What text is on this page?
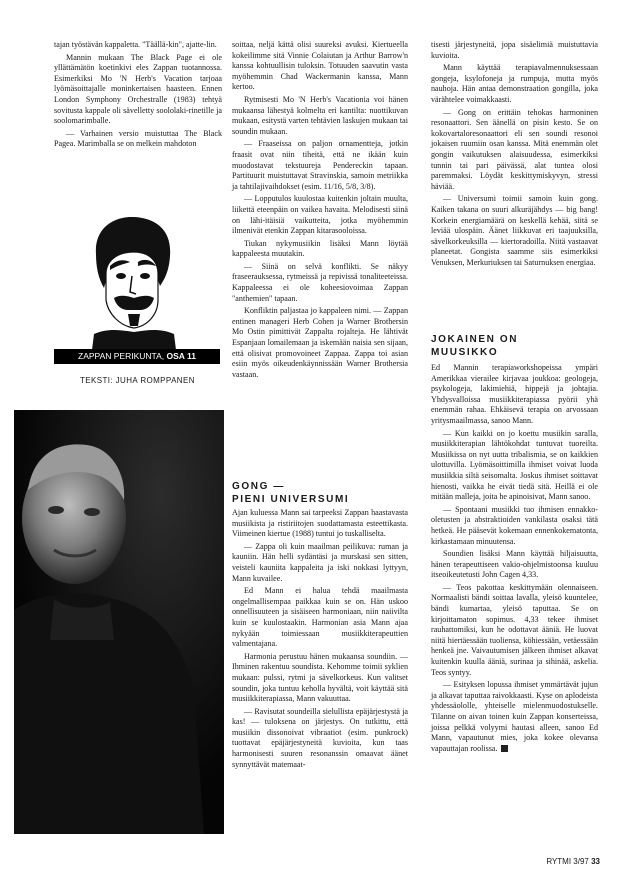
tajan työstävän kappaletta. "Täällä-kin", ajatte-lin.

Mannin mukaan The Black Page ei ole yllättämätön koetinkivi eles Zappan tuotannossa. Esimerkiksi Mo 'N Herb's Vacation tarjoaa lyömäsoittajalle moninkertaisen haasteen. Ennen London Symphony Orchestralle (1983) tehtyä sovitusta kappale oli sävelletty soololaki-rinetille ja soolomarimballe.

— Varhainen versio muistuttaa The Black Pagea. Marimballa se on melkein mahdoton

ZAPPAN PERIKUNTA, OSA 11
TEKSTI: JUHA ROMPPANEN

soittaa, neljä kättä olisi suureksi avuksi. Kiertueella kokeilimme sitä Vinnie Colaiutan ja Arthur Barrow'n kanssa kohtuullisin tuloksin. Totuuden saavutin vasta myöhemmin Chad Wackermanin kanssa, Mann kertoo.

Rytmisesti Mo 'N Herb's Vacationia voi hänen mukaansa lähestyä kolmelta eri kantilta: nuottikuvan mukaan, esitystä varten tehtävien laskujen mukaan tai soundin mukaan.

— Fraaseissa on paljon ornamentteja, jotkin fraasit ovat niin tiheitä, että ne ikään kuin muodostavat tekstuureja Pendereckin tapaan. Partituurit muistuttavat Stravinskia, samoin metriikka ja tahtilajivaihdokset (esim. 11/16, 5/8, 3/8).

— Lopputulos kuulostaa kuitenkin joltain muulta, liikettä eteenpäin on vaikea havaita. Melodisesti siinä on lähi-itäisiä vaikutteita, jotka myöhemmin ilmenivät etenkin Zappan kitarasooloissa.

Tiukan nykymusiikin lisäksi Mann löytää kappaleesta muutakin.

— Siinä on selvä konflikti. Se näkyy fraseerauksessa, rytmeissä ja repivissä tonaliteeteissa. Kappaleessa ei ole koheesiovoimaa Zappan "anthemien" tapaan.

Konfliktin paljastaa jo kappaleen nimi. — Zappan entinen manageri Herb Cohen ja Warner Brothersin Mo Ostin pimittivät Zappalta rojalteja. He lähtivät Espanjaan lomailemaan ja iskemään naisia sen sijaan, että olisivat promovoineet Zappaa. Zappa toi asian esiin myös oikeudenkäynnissään Warner Brothersia vastaan.

GONG —
PIENI UNIVERSUMI

Ajan kuluessa Mann sai tarpeeksi Zappan haastavasta musiikista ja ristiriitojen suodattamasta esteettikasta. Viimeinen kiertue (1988) tuntui jo tuskalliselta.

— Zappa oli kuin maailman peilikuva: ruman ja kauniin. Hän helli sydäntäsi ja murskasi sen sitten, veisteli kauniita kappaleita ja iski nokkasi lyttyyn, Mann kuvailee.

Ed Mann ei halua tehdä maailmasta ongelmallisempaa paikkaa kuin se on. Hän uskoo onnellisuuteen ja sisäiseen harmoniaan, niin naiivilta kuin se kuulostaakin. Harmonian asia Mann ajaa nykyään toimiessaan musiikkiterapeuttien valmentajana.

Harmonia perustuu hänen mukaansa soundiin. — Ihminen rakentuu soundista. Kehomme toimii syklien mukaan: pulssi, rytmi ja sävelkorkeus. Kun valitset soundin, joka tuntuu keholla hyvältä, voit käyttää sitä musiikkiterapiassa, Mann vakuuttaa.

— Ravisutat soundeilla sielullista epäjärjestystä ja kas! — tuloksena on järjestys. On tutkittu, että musiikin dissonoivat vibraatiot (esim. punkrock) tuottavat epäjärjestyneitä kuvioita, kun taas harmonisesti suuren resonanssin omaavat äänet synnyttävät matemaat-

tisesti järjestyneitä, jopa sisäelimiä muistuttavia kuvioita.

Mann käyttää terapiavalmennuksessaan gongeja, ksylofoneja ja rumpuja, mutta myös nauhoja. Hän antaa demonstraation gongilla, joka värähtelee voimakkaasti.

— Gong on erittäin tehokas harmoninen resonaattori. Sen äänellä on pisin kesto. Se on kokovartaloresonaattori eli sen soundi resonoi jokaisen ruumiin osan kanssa. Mitä enemmän olet gongin vaikutuksen alaisuudessa, esimerkiksi tunnin tai pari päivässä, alat tuntea olosi paremmaksi. Löydät keskittymiskyvyn, stressi häviää.

— Universumi toimii samoin kuin gong. Kaiken takana on suuri alkuräjähdys — big bang! Korkein energiamäärä on keskellä kehää, siitä se leviää ulospäin. Äänet liikkuvat eri taajuuksilla, sävelkorkeuksilla — kiertoradoilla. Niitä vastaavat planeetat. Gongista saamme siis esimerkiksi Venuksen, Merkuriuksen tai Saturnuksen energiaa.

JOKAINEN ON
MUUSIKKO

Ed Mannin terapiaworkshopeissa ympäri Amerikkaa vierailee kirjavaa joukkoa: geologeja, psykologeja, lakimiehiä, hippejä ja johtajia. Yhdysvalloissa musiikkiterapiassa pyörii yhä enemmän rahaa. Ehkäisevä terapia on arvossaan yritysmaailmassa, sanoo Mann.

— Kun kaikki on jo koettu musiikin saralla, musiikkiterapian lähtökohdat tuntuvat tuoreilta. Musiikissa on nyt uutta tribalismia, se on kaikkien ulottuvilla. Lyömäsoittimilla ihmiset voivat luoda musiikkia siltä seisomalta. Joskus ihmiset soittavat hienosti, vaikka he eivät tiedä sitä. Heillä ei ole mitään malleja, joita he apinoisivat, Mann sanoo.

— Spontaani musiikki tuo ihmisen ennakko-oletusten ja abstraktioiden vankilasta osaksi tätä hetkeä. He pääsevät kokemaan ennenkokematonta, kirkastamaan minuutensa.

Soundien lisäksi Mann käyttää hiljaisuutta, hänen terapeuttiseen vakio-ohjelmistoonsa kuuluu itseoikeutetusti John Cagen 4,33.

— Teos pakottaa keskittymään olennaiseen. Normaalisti bändi soittaa lavalla, yleisö kuuntelee, bändi kumartaa, yleisö taputtaa. Se on kirjoittamaton sopimus. 4,33 tekee ihmiset rauhattomiksi, kun he odottavat ääniä. He luovat niitä hiertäessään tuoliensa, köhiessään, vetäessään henkeä jne. Vaivautumisen jälkeen ihmiset alkavat kuitenkin kuulla ääniä, surinaa ja sihinää, askelia. Teos syntyy.

— Esityksen lopussa ihmiset ymmärtävät jujun ja alkavat taputtaa raivokkaasti. Kyse on aplodeista yhdessäololle, yhteiselle mielenmuodostukselle. Tilanne on aivan toinen kuin Zappan konserteissa, joissa pelkkä volyymi hautasi alleen, sanoo Ed Mann, vapautunut mies, joka kokee olevansa vapauttajan roolissa.

RYTMI 3/97 33
